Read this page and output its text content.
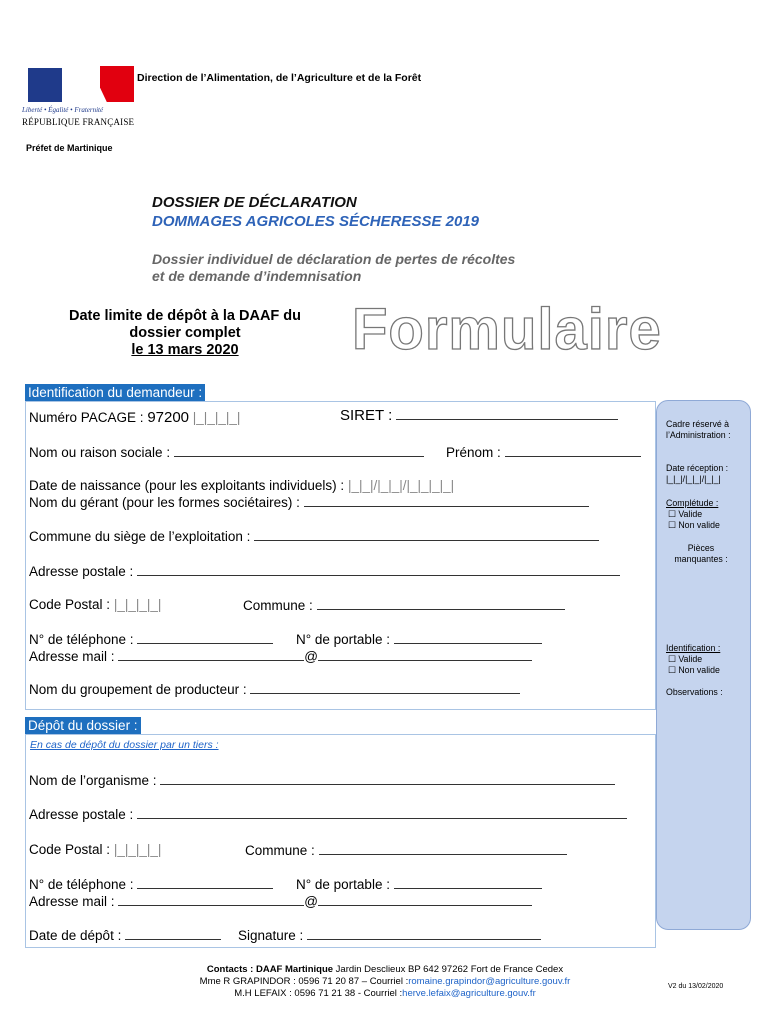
Liberté • Égalité • Fraternité
RÉPUBLIQUE FRANÇAISE
Direction de l’Alimentation, de l’Agriculture et de la Forêt
Préfet de Martinique
DOSSIER DE DÉCLARATION
DOMMAGES AGRICOLES SÉCHERESSE 2019
Dossier individuel de déclaration de pertes de récoltes
et de demande d’indemnisation
Date limite de dépôt à la DAAF du
dossier complet
le 13 mars 2020	Formulaire
Identification du demandeur :
Numéro PACAGE : 97200 |_|_|_|_|	SIRET :
Nom ou raison sociale :	Prénom :
Date de naissance (pour les exploitants individuels) : |_|_|/|_|_|/|_|_|_|_|
Nom du gérant (pour les formes sociétaires) :
Commune du siège de l’exploitation :
Adresse postale :
Code Postal : |_|_|_|_|	Commune :
N° de téléphone :	N° de portable :
Adresse mail :	@
Nom du groupement de producteur :
Cadre réservé à l’Administration :
Date réception :
|_|_|/|_|_|/|_|_|
Complétude :
☐ Valide
☐ Non valide
Pièces manquantes :
Identification :
☐ Valide
☐ Non valide
Observations :
Dépôt du dossier :
En cas de dépôt du dossier par un tiers :
Nom de l’organisme :
Adresse postale :
Code Postal : |_|_|_|_|	Commune :
N° de téléphone :	N° de portable :
Adresse mail :	@
Date de dépôt :	Signature :
Contacts : DAAF Martinique Jardin Desclieux BP 642 97262 Fort de France Cedex
Mme R GRAPINDOR : 0596 71 20 87 – Courriel :romaine.grapindor@agriculture.gouv.fr
M.H LEFAIX : 0596 71 21 38 - Courriel :herve.lefaix@agriculture.gouv.fr
V2 du 13/02/2020
